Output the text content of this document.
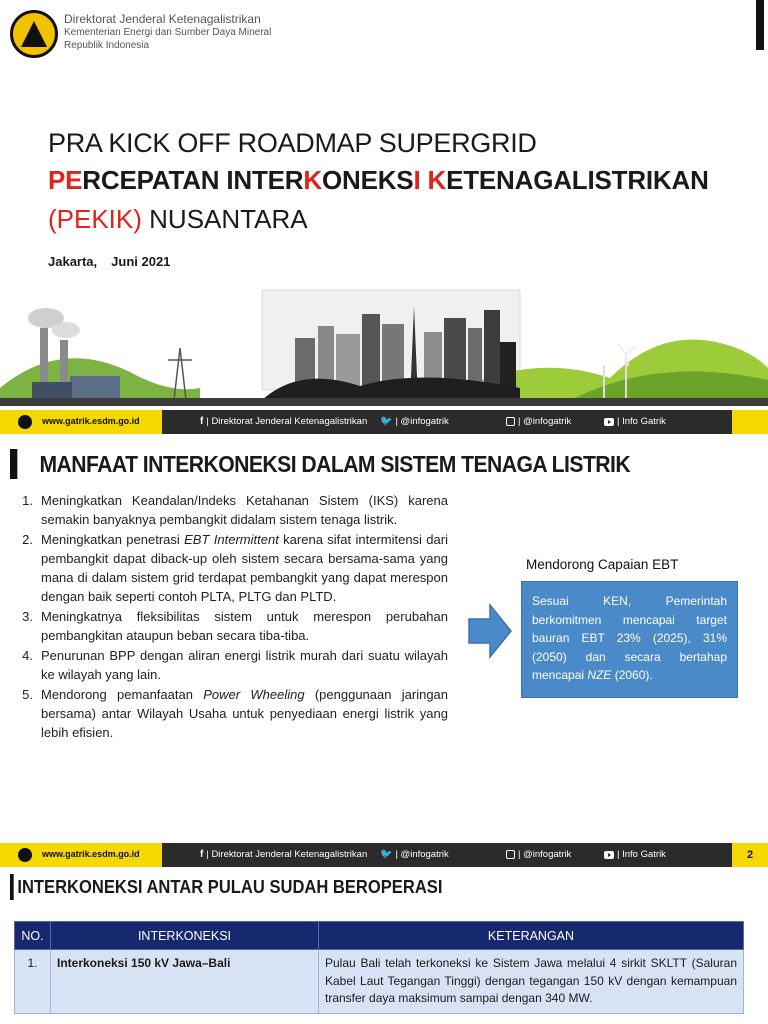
Direktorat Jenderal Ketenagalistrikan
Kementerian Energi dan Sumber Daya Mineral
Republik Indonesia
PRA KICK OFF ROADMAP SUPERGRID
PERCEPATAN INTERKONEKSI KETENAGALISTRIKAN
(PEKIK) NUSANTARA
Jakarta, Juni 2021
www.gatrik.esdm.go.id	f | Direktorat Jenderal Ketenagalistrikan 🐦 | @infogatrik	| @infogatrik	| Info Gatrik
MANFAAT INTERKONEKSI DALAM SISTEM TENAGA LISTRIK
1. Meningkatkan Keandalan/Indeks Ketahanan Sistem (IKS) karena semakin banyaknya pembangkit didalam sistem tenaga listrik.
2. Meningkatkan penetrasi EBT Intermittent karena sifat intermitensi dari pembangkit dapat diback-up oleh sistem secara bersama-sama yang mana di dalam sistem grid terdapat pembangkit yang dapat merespon dengan baik seperti contoh PLTA, PLTG dan PLTD.
3. Meningkatnya fleksibilitas sistem untuk merespon perubahan pembangkitan ataupun beban secara tiba-tiba.
4. Penurunan BPP dengan aliran energi listrik murah dari suatu wilayah ke wilayah yang lain.
5. Mendorong pemanfaatan Power Wheeling (penggunaan jaringan bersama) antar Wilayah Usaha untuk penyediaan energi listrik yang lebih efisien.
Mendorong Capaian EBT
Sesuai KEN, Pemerintah berkomitmen mencapai target bauran EBT 23% (2025), 31% (2050) dan secara bertahap mencapai NZE (2060).
www.gatrik.esdm.go.id	f | Direktorat Jenderal Ketenagalistrikan 🐦 | @infogatrik	| @infogatrik	| Info Gatrik	2
INTERKONEKSI ANTAR PULAU SUDAH BEROPERASI
NO.	INTERKONEKSI	KETERANGAN
1.	Interkoneksi 150 kV Jawa–Bali	Pulau Bali telah terkoneksi ke Sistem Jawa melalui 4 sirkit SKLTT (Saluran Kabel Laut Tegangan Tinggi) dengan tegangan 150 kV dengan kemampuan transfer daya maksimum sampai dengan 340 MW.
